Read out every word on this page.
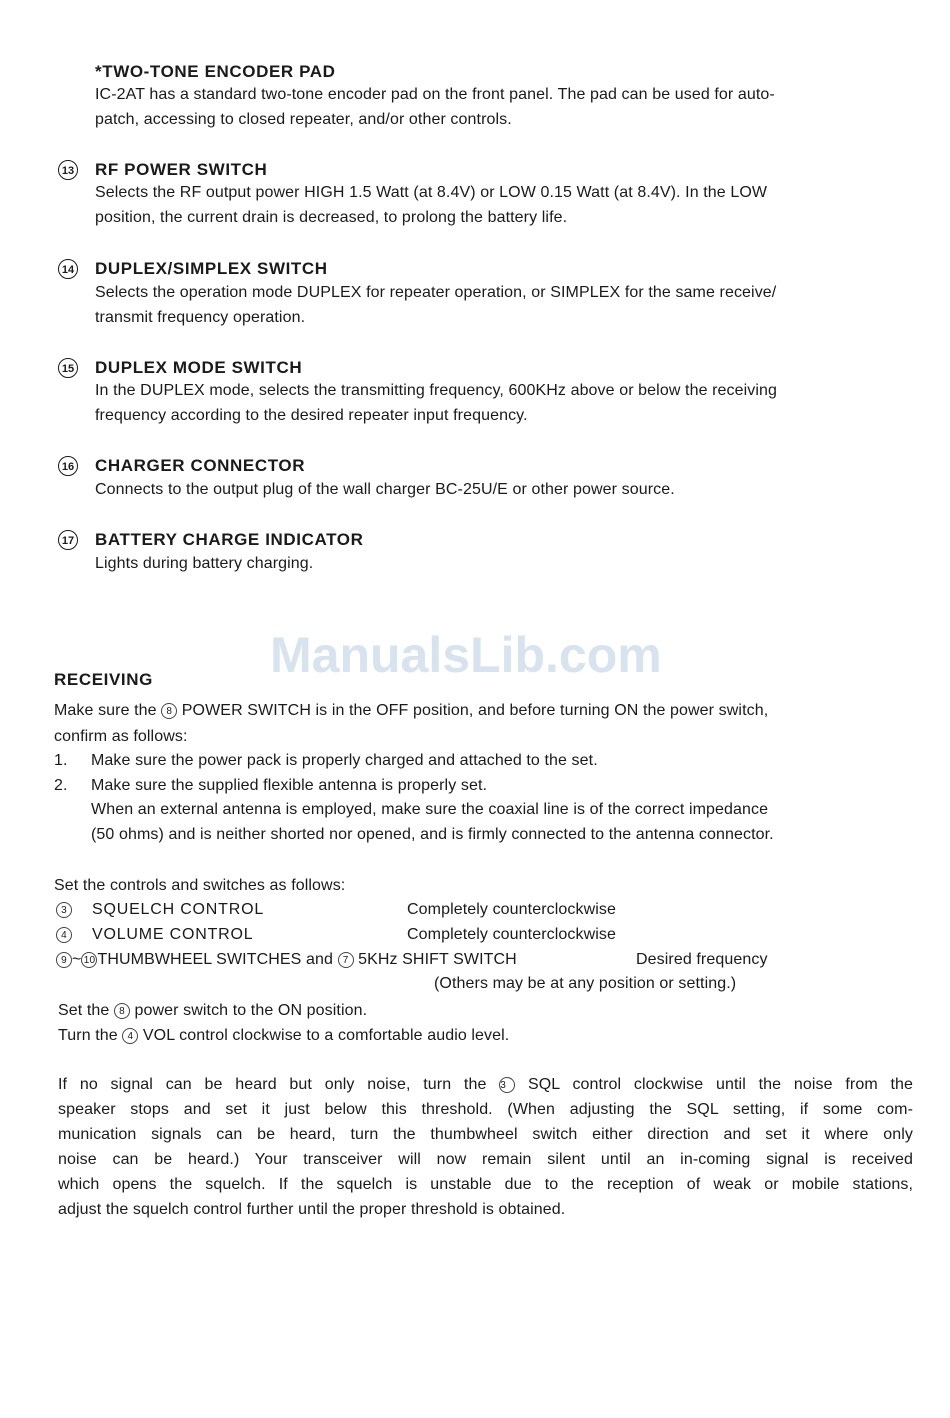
*TWO-TONE ENCODER PAD
IC-2AT has a standard two-tone encoder pad on the front panel. The pad can be used for auto-
patch, accessing to closed repeater, and/or other controls.
13 RF POWER SWITCH
Selects the RF output power HIGH 1.5 Watt (at 8.4V) or LOW 0.15 Watt (at 8.4V). In the LOW
position, the current drain is decreased, to prolong the battery life.
14 DUPLEX/SIMPLEX SWITCH
Selects the operation mode DUPLEX for repeater operation, or SIMPLEX for the same receive/
transmit frequency operation.
15 DUPLEX MODE SWITCH
In the DUPLEX mode, selects the transmitting frequency, 600KHz above or below the receiving
frequency according to the desired repeater input frequency.
16 CHARGER CONNECTOR
Connects to the output plug of the wall charger BC-25U/E or other power source.
17 BATTERY CHARGE INDICATOR
Lights during battery charging.
ManualsLib.com
RECEIVING
Make sure the 8 POWER SWITCH is in the OFF position, and before turning ON the power switch,
confirm as follows:
1. Make sure the power pack is properly charged and attached to the set.
2. Make sure the supplied flexible antenna is properly set.
When an external antenna is employed, make sure the coaxial line is of the correct impedance
(50 ohms) and is neither shorted nor opened, and is firmly connected to the antenna connector.
Set the controls and switches as follows:
3	SQUELCH CONTROL	Completely counterclockwise
4	VOLUME CONTROL	Completely counterclockwise
9 ~ 10 THUMBWHEEL SWITCHES and 7 5KHz SHIFT SWITCH	Desired frequency
(Others may be at any position or setting.)
Set the 8 power switch to the ON position.
Turn the 4 VOL control clockwise to a comfortable audio level.
If no signal can be heard but only noise, turn the 3 SQL control clockwise until the noise from the
speaker stops and set it just below this threshold. (When adjusting the SQL setting, if some com-
munication signals can be heard, turn the thumbwheel switch either direction and set it where only
noise can be heard.) Your transceiver will now remain silent until an in-coming signal is received
which opens the squelch. If the squelch is unstable due to the reception of weak or mobile stations,
adjust the squelch control further until the proper threshold is obtained.
